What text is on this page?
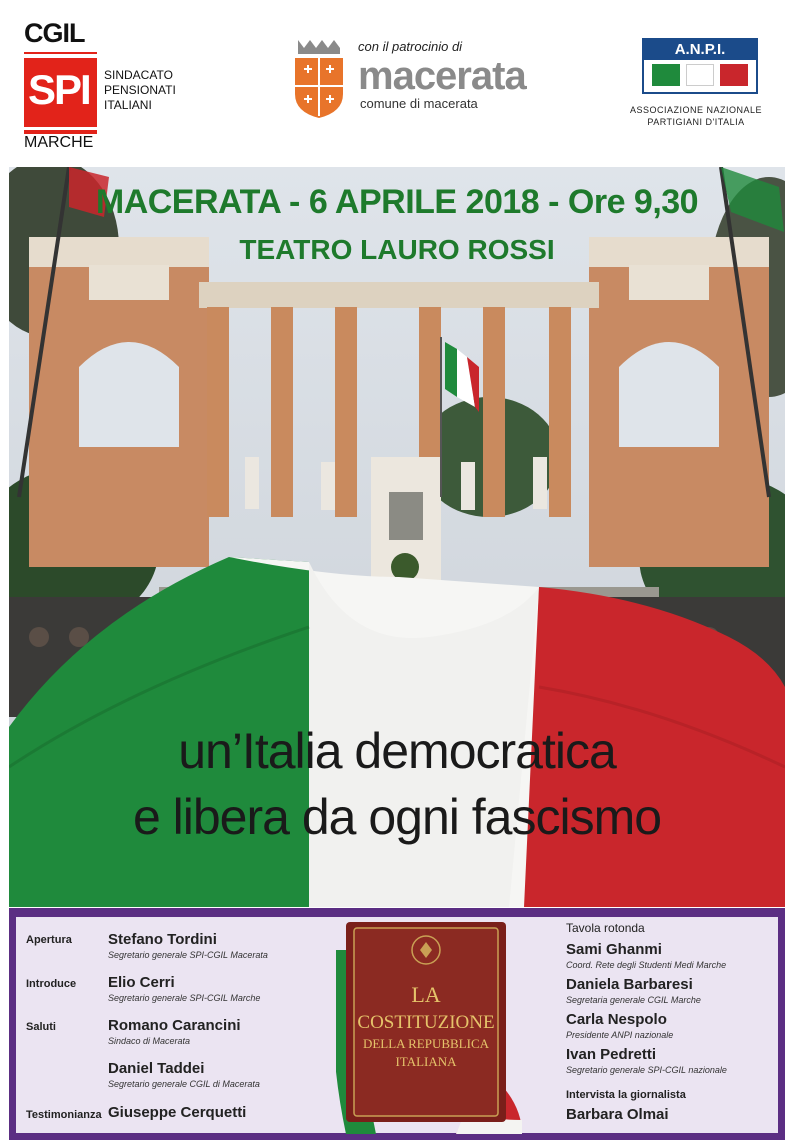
CGIL
SPI SINDACATO
PENSIONATI
ITALIANI
MARCHE
con il patrocinio di
macerata
comune di macerata
A.N.P.I.
ASSOCIAZIONE NAZIONALE
PARTIGIANI D'ITALIA
MACERATA - 6 APRILE 2018 - Ore 9,30
TEATRO LAURO ROSSI
un’Italia democratica
e libera da ogni fascismo
Apertura Stefano Tordini
Segretario generale SPI-CGIL Macerata
Introduce Elio Cerri
Segretario generale SPI-CGIL Marche
Saluti	Romano Carancini
Sindaco di Macerata
Daniel Taddei
Segretario generale CGIL di Macerata
Testimonianza Giuseppe Cerquetti
Tavola rotonda
Sami Ghanmi
Coord. Rete degli Studenti Medi Marche
Daniela Barbaresi
Segretaria generale CGIL Marche
Carla Nespolo
Presidente ANPI nazionale
Ivan Pedretti
Segretario generale SPI-CGIL nazionale
Intervista la giornalista
Barbara Olmai
LA
COSTITUZIONE
DELLA REPUBBLICA
ITALIANA
